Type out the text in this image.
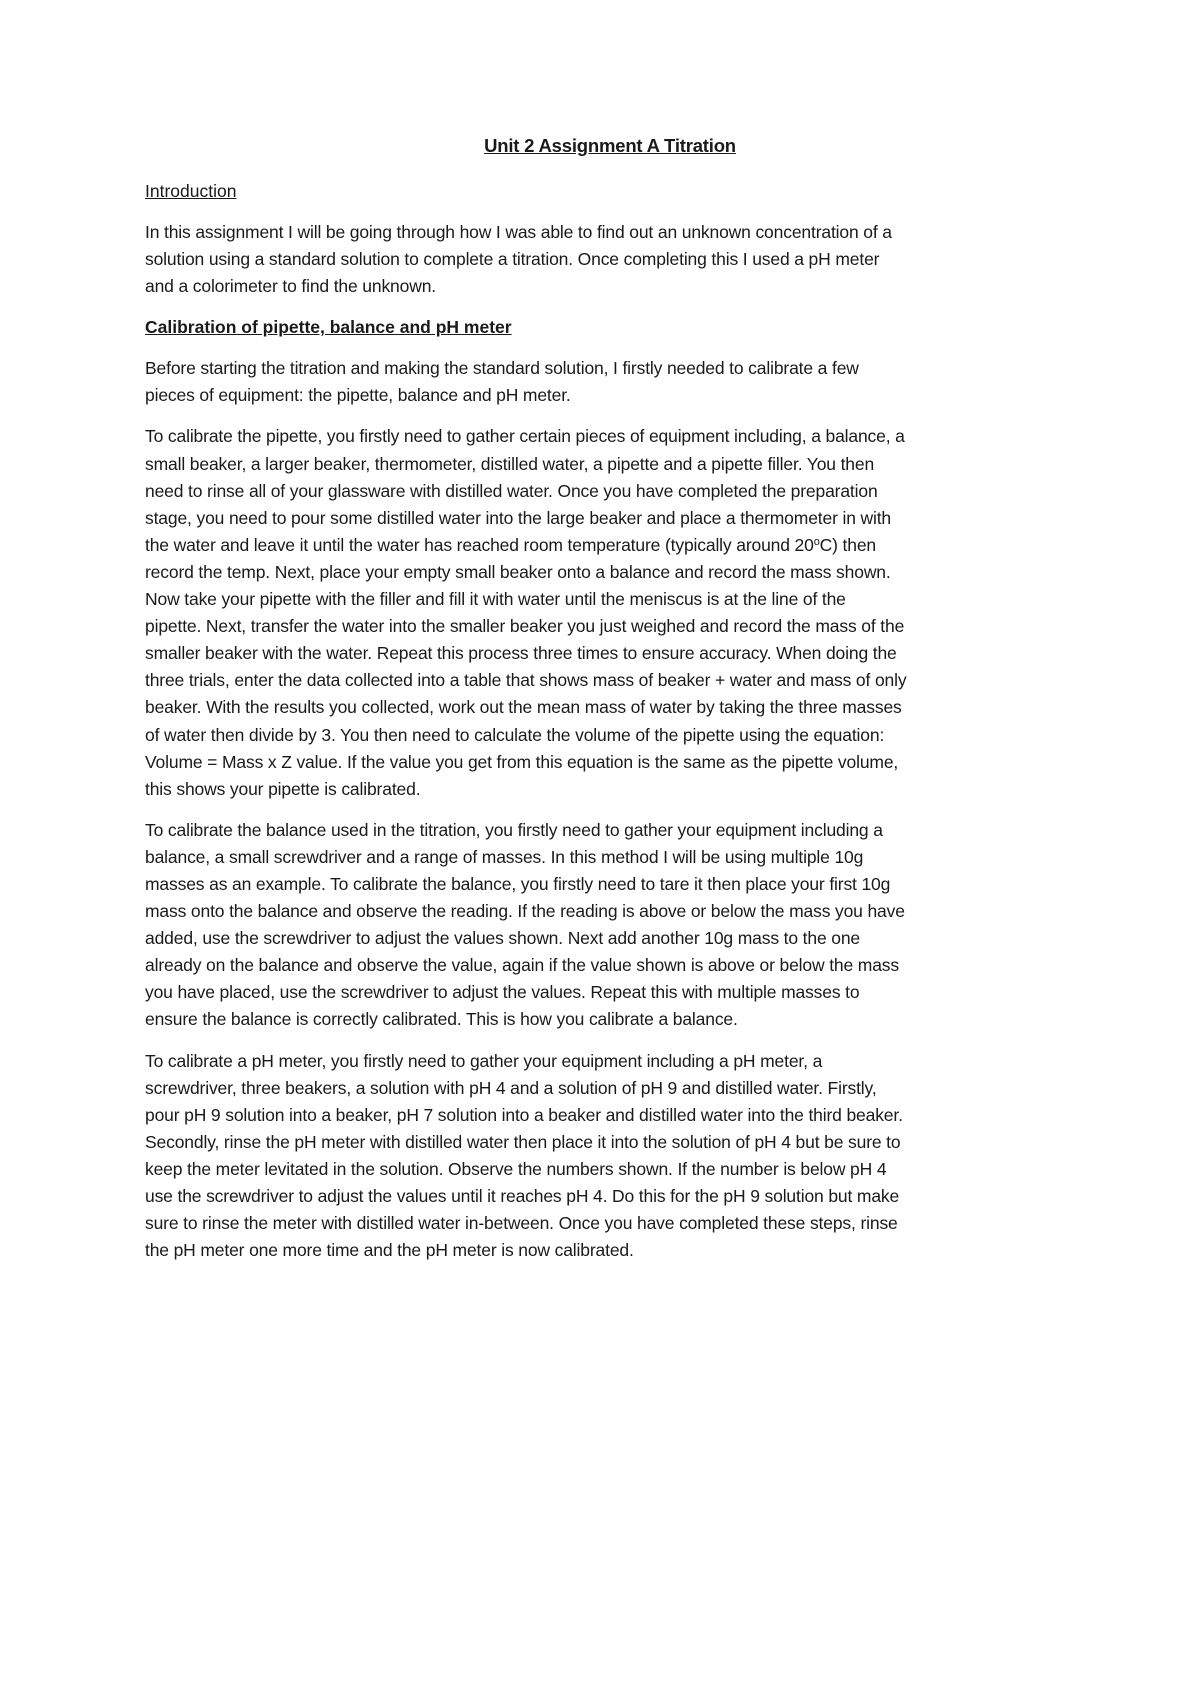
Unit 2 Assignment A Titration
Introduction
In this assignment I will be going through how I was able to find out an unknown concentration of a
solution using a standard solution to complete a titration. Once completing this I used a pH meter
and a colorimeter to find the unknown.
Calibration of pipette, balance and pH meter
Before starting the titration and making the standard solution, I firstly needed to calibrate a few
pieces of equipment: the pipette, balance and pH meter.
To calibrate the pipette, you firstly need to gather certain pieces of equipment including, a balance, a
small beaker, a larger beaker, thermometer, distilled water, a pipette and a pipette filler. You then
need to rinse all of your glassware with distilled water. Once you have completed the preparation
stage, you need to pour some distilled water into the large beaker and place a thermometer in with
the water and leave it until the water has reached room temperature (typically around 20$^o$C) then
record the temp. Next, place your empty small beaker onto a balance and record the mass shown.
Now take your pipette with the filler and fill it with water until the meniscus is at the line of the
pipette. Next, transfer the water into the smaller beaker you just weighed and record the mass of the
smaller beaker with the water. Repeat this process three times to ensure accuracy. When doing the
three trials, enter the data collected into a table that shows mass of beaker + water and mass of only
beaker. With the results you collected, work out the mean mass of water by taking the three masses
of water then divide by 3. You then need to calculate the volume of the pipette using the equation:
Volume = Mass x Z value. If the value you get from this equation is the same as the pipette volume,
this shows your pipette is calibrated.
To calibrate the balance used in the titration, you firstly need to gather your equipment including a
balance, a small screwdriver and a range of masses. In this method I will be using multiple 10g
masses as an example. To calibrate the balance, you firstly need to tare it then place your first 10g
mass onto the balance and observe the reading. If the reading is above or below the mass you have
added, use the screwdriver to adjust the values shown. Next add another 10g mass to the one
already on the balance and observe the value, again if the value shown is above or below the mass
you have placed, use the screwdriver to adjust the values. Repeat this with multiple masses to
ensure the balance is correctly calibrated. This is how you calibrate a balance.
To calibrate a pH meter, you firstly need to gather your equipment including a pH meter, a
screwdriver, three beakers, a solution with pH 4 and a solution of pH 9 and distilled water. Firstly,
pour pH 9 solution into a beaker, pH 7 solution into a beaker and distilled water into the third beaker.
Secondly, rinse the pH meter with distilled water then place it into the solution of pH 4 but be sure to
keep the meter levitated in the solution. Observe the numbers shown. If the number is below pH 4
use the screwdriver to adjust the values until it reaches pH 4. Do this for the pH 9 solution but make
sure to rinse the meter with distilled water in-between. Once you have completed these steps, rinse
the pH meter one more time and the pH meter is now calibrated.
